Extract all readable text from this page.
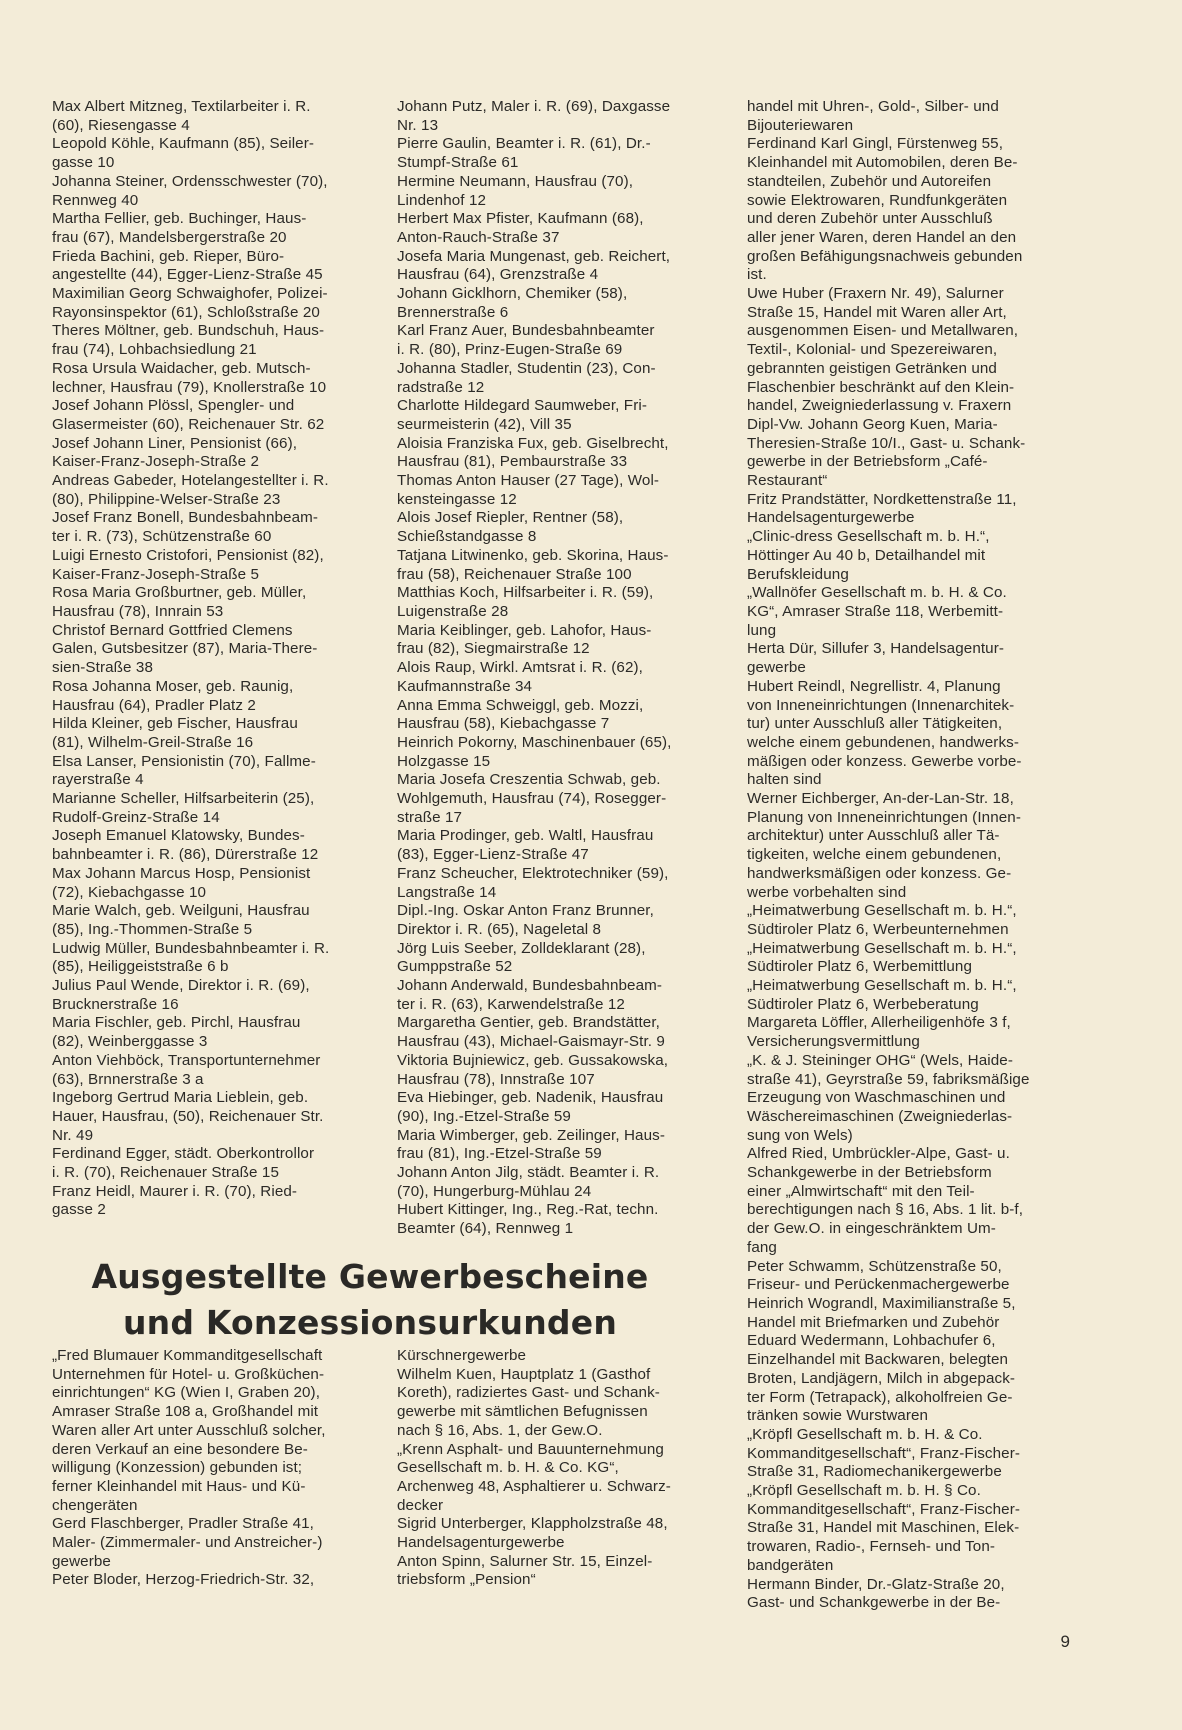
Max Albert Mitzneg, Textilarbeiter i. R.
(60), Riesengasse 4
Leopold Köhle, Kaufmann (85), Seiler-
gasse 10
Johanna Steiner, Ordensschwester (70),
Rennweg 40
Martha Fellier, geb. Buchinger, Haus-
frau (67), Mandelsbergerstraße 20
Frieda Bachini, geb. Rieper, Büro-
angestellte (44), Egger-Lienz-Straße 45
Maximilian Georg Schwaighofer, Polizei-
Rayonsinspektor (61), Schloßstraße 20
Theres Möltner, geb. Bundschuh, Haus-
frau (74), Lohbachsiedlung 21
Rosa Ursula Waidacher, geb. Mutsch-
lechner, Hausfrau (79), Knollerstraße 10
Josef Johann Plössl, Spengler- und
Glasermeister (60), Reichenauer Str. 62
Josef Johann Liner, Pensionist (66),
Kaiser-Franz-Joseph-Straße 2
Andreas Gabeder, Hotelangestellter i. R.
(80), Philippine-Welser-Straße 23
Josef Franz Bonell, Bundesbahnbeam-
ter i. R. (73), Schützenstraße 60
Luigi Ernesto Cristofori, Pensionist (82),
Kaiser-Franz-Joseph-Straße 5
Rosa Maria Großburtner, geb. Müller,
Hausfrau (78), Innrain 53
Christof Bernard Gottfried Clemens
Galen, Gutsbesitzer (87), Maria-There-
sien-Straße 38
Rosa Johanna Moser, geb. Raunig,
Hausfrau (64), Pradler Platz 2
Hilda Kleiner, geb Fischer, Hausfrau
(81), Wilhelm-Greil-Straße 16
Elsa Lanser, Pensionistin (70), Fallme-
rayerstraße 4
Marianne Scheller, Hilfsarbeiterin (25),
Rudolf-Greinz-Straße 14
Joseph Emanuel Klatowsky, Bundes-
bahnbeamter i. R. (86), Dürerstraße 12
Max Johann Marcus Hosp, Pensionist
(72), Kiebachgasse 10
Marie Walch, geb. Weilguni, Hausfrau
(85), Ing.-Thommen-Straße 5
Ludwig Müller, Bundesbahnbeamter i. R.
(85), Heiliggeiststraße 6 b
Julius Paul Wende, Direktor i. R. (69),
Brucknerstraße 16
Maria Fischler, geb. Pirchl, Hausfrau
(82), Weinberggasse 3
Anton Viehböck, Transportunternehmer
(63), Brnnerstraße 3 a
Ingeborg Gertrud Maria Lieblein, geb.
Hauer, Hausfrau, (50), Reichenauer Str.
Nr. 49
Ferdinand Egger, städt. Oberkontrollor
i. R. (70), Reichenauer Straße 15
Franz Heidl, Maurer i. R. (70), Ried-
gasse 2
Johann Putz, Maler i. R. (69), Daxgasse
Nr. 13
Pierre Gaulin, Beamter i. R. (61), Dr.-
Stumpf-Straße 61
Hermine Neumann, Hausfrau (70),
Lindenhof 12
Herbert Max Pfister, Kaufmann (68),
Anton-Rauch-Straße 37
Josefa Maria Mungenast, geb. Reichert,
Hausfrau (64), Grenzstraße 4
Johann Gicklhorn, Chemiker (58),
Brennerstraße 6
Karl Franz Auer, Bundesbahnbeamter
i. R. (80), Prinz-Eugen-Straße 69
Johanna Stadler, Studentin (23), Con-
radstraße 12
Charlotte Hildegard Saumweber, Fri-
seurmeisterin (42), Vill 35
Aloisia Franziska Fux, geb. Giselbrecht,
Hausfrau (81), Pembaurstraße 33
Thomas Anton Hauser (27 Tage), Wol-
kensteingasse 12
Alois Josef Riepler, Rentner (58),
Schießstandgasse 8
Tatjana Litwinenko, geb. Skorina, Haus-
frau (58), Reichenauer Straße 100
Matthias Koch, Hilfsarbeiter i. R. (59),
Luigenstraße 28
Maria Keiblinger, geb. Lahofor, Haus-
frau (82), Siegmairstraße 12
Alois Raup, Wirkl. Amtsrat i. R. (62),
Kaufmannstraße 34
Anna Emma Schweiggl, geb. Mozzi,
Hausfrau (58), Kiebachgasse 7
Heinrich Pokorny, Maschinenbauer (65),
Holzgasse 15
Maria Josefa Creszentia Schwab, geb.
Wohlgemuth, Hausfrau (74), Rosegger-
straße 17
Maria Prodinger, geb. Waltl, Hausfrau
(83), Egger-Lienz-Straße 47
Franz Scheucher, Elektrotechniker (59),
Langstraße 14
Dipl.-Ing. Oskar Anton Franz Brunner,
Direktor i. R. (65), Nageletal 8
Jörg Luis Seeber, Zolldeklarant (28),
Gumppstraße 52
Johann Anderwald, Bundesbahnbeam-
ter i. R. (63), Karwendelstraße 12
Margaretha Gentier, geb. Brandstätter,
Hausfrau (43), Michael-Gaismayr-Str. 9
Viktoria Bujniewicz, geb. Gussakowska,
Hausfrau (78), Innstraße 107
Eva Hiebinger, geb. Nadenik, Hausfrau
(90), Ing.-Etzel-Straße 59
Maria Wimberger, geb. Zeilinger, Haus-
frau (81), Ing.-Etzel-Straße 59
Johann Anton Jilg, städt. Beamter i. R.
(70), Hungerburg-Mühlau 24
Hubert Kittinger, Ing., Reg.-Rat, techn.
Beamter (64), Rennweg 1
handel mit Uhren-, Gold-, Silber- und
Bijouteriewaren
Ferdinand Karl Gingl, Fürstenweg 55,
Kleinhandel mit Automobilen, deren Be-
standteilen, Zubehör und Autoreifen
sowie Elektrowaren, Rundfunkgeräten
und deren Zubehör unter Ausschluß
aller jener Waren, deren Handel an den
großen Befähigungsnachweis gebunden
ist.
Uwe Huber (Fraxern Nr. 49), Salurner
Straße 15, Handel mit Waren aller Art,
ausgenommen Eisen- und Metallwaren,
Textil-, Kolonial- und Spezereiwaren,
gebrannten geistigen Getränken und
Flaschenbier beschränkt auf den Klein-
handel, Zweigniederlassung v. Fraxern
Dipl-Vw. Johann Georg Kuen, Maria-
Theresien-Straße 10/I., Gast- u. Schank-
gewerbe in der Betriebsform „Café-
Restaurant“
Fritz Prandstätter, Nordkettenstraße 11,
Handelsagenturgewerbe
„Clinic-dress Gesellschaft m. b. H.“,
Höttinger Au 40 b, Detailhandel mit
Berufskleidung
„Wallnöfer Gesellschaft m. b. H. & Co.
KG“, Amraser Straße 118, Werbemitt-
lung
Herta Dür, Sillufer 3, Handelsagentur-
gewerbe
Hubert Reindl, Negrellistr. 4, Planung
von Inneneinrichtungen (Innenarchitek-
tur) unter Ausschluß aller Tätigkeiten,
welche einem gebundenen, handwerks-
mäßigen oder konzess. Gewerbe vorbe-
halten sind
Werner Eichberger, An-der-Lan-Str. 18,
Planung von Inneneinrichtungen (Innen-
architektur) unter Ausschluß aller Tä-
tigkeiten, welche einem gebundenen,
handwerksmäßigen oder konzess. Ge-
werbe vorbehalten sind
„Heimatwerbung Gesellschaft m. b. H.“,
Südtiroler Platz 6, Werbeunternehmen
„Heimatwerbung Gesellschaft m. b. H.“,
Südtiroler Platz 6, Werbemittlung
„Heimatwerbung Gesellschaft m. b. H.“,
Südtiroler Platz 6, Werbeberatung
Margareta Löffler, Allerheiligenhöfe 3 f,
Versicherungsvermittlung
„K. & J. Steininger OHG“ (Wels, Haide-
straße 41), Geyrstraße 59, fabriksmäßige
Erzeugung von Waschmaschinen und
Wäschereimaschinen (Zweigniederlas-
sung von Wels)
Alfred Ried, Umbrückler-Alpe, Gast- u.
Schankgewerbe in der Betriebsform
einer „Almwirtschaft“ mit den Teil-
berechtigungen nach § 16, Abs. 1 lit. b-f,
der Gew.O. in eingeschränktem Um-
fang
Peter Schwamm, Schützenstraße 50,
Friseur- und Perückenmachergewerbe
Heinrich Wograndl, Maximilianstraße 5,
Handel mit Briefmarken und Zubehör
Eduard Wedermann, Lohbachufer 6,
Einzelhandel mit Backwaren, belegten
Broten, Landjägern, Milch in abgepack-
ter Form (Tetrapack), alkoholfreien Ge-
tränken sowie Wurstwaren
„Kröpfl Gesellschaft m. b. H. & Co.
Kommanditgesellschaft“, Franz-Fischer-
Straße 31, Radiomechanikergewerbe
„Kröpfl Gesellschaft m. b. H. § Co.
Kommanditgesellschaft“, Franz-Fischer-
Straße 31, Handel mit Maschinen, Elek-
trowaren, Radio-, Fernseh- und Ton-
bandgeräten
Hermann Binder, Dr.-Glatz-Straße 20,
Gast- und Schankgewerbe in der Be-
Ausgestellte Gewerbescheine
und Konzessionsurkunden
„Fred Blumauer Kommanditgesellschaft
Unternehmen für Hotel- u. Großküchen-
einrichtungen“ KG (Wien I, Graben 20),
Amraser Straße 108 a, Großhandel mit
Waren aller Art unter Ausschluß solcher,
deren Verkauf an eine besondere Be-
willigung (Konzession) gebunden ist;
ferner Kleinhandel mit Haus- und Kü-
chengeräten
Gerd Flaschberger, Pradler Straße 41,
Maler- (Zimmermaler- und Anstreicher-)
gewerbe
Peter Bloder, Herzog-Friedrich-Str. 32,
Kürschnergewerbe
Wilhelm Kuen, Hauptplatz 1 (Gasthof
Koreth), radiziertes Gast- und Schank-
gewerbe mit sämtlichen Befugnissen
nach § 16, Abs. 1, der Gew.O.
„Krenn Asphalt- und Bauunternehmung
Gesellschaft m. b. H. & Co. KG“,
Archenweg 48, Asphaltierer u. Schwarz-
decker
Sigrid Unterberger, Klappholzstraße 48,
Handelsagenturgewerbe
Anton Spinn, Salurner Str. 15, Einzel-
triebsform „Pension“
9
